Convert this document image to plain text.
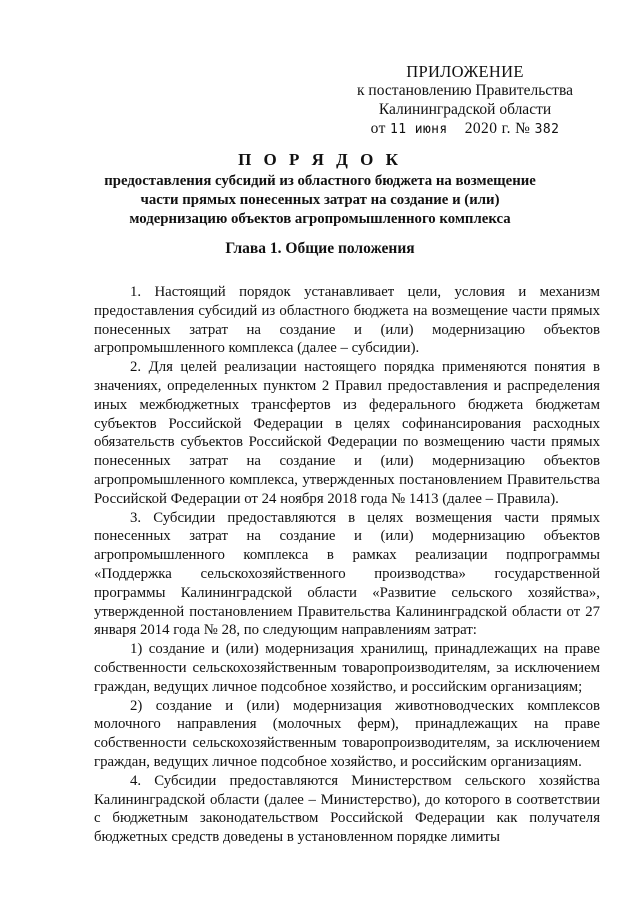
ПРИЛОЖЕНИЕ
к постановлению Правительства
Калининградской области
от 11 июня 2020 г. № 382
П О Р Я Д О К
предоставления субсидий из областного бюджета на возмещение части прямых понесенных затрат на создание и (или) модернизацию объектов агропромышленного комплекса
Глава 1. Общие положения

1. Настоящий порядок устанавливает цели, условия и механизм предоставления субсидий из областного бюджета на возмещение части прямых понесенных затрат на создание и (или) модернизацию объектов агропромышленного комплекса (далее – субсидии).

2. Для целей реализации настоящего порядка применяются понятия в значениях, определенных пунктом 2 Правил предоставления и распределения иных межбюджетных трансфертов из федерального бюджета бюджетам субъектов Российской Федерации в целях софинансирования расходных обязательств субъектов Российской Федерации по возмещению части прямых понесенных затрат на создание и (или) модернизацию объектов агропромышленного комплекса, утвержденных постановлением Правительства Российской Федерации от 24 ноября 2018 года № 1413 (далее – Правила).

3. Субсидии предоставляются в целях возмещения части прямых понесенных затрат на создание и (или) модернизацию объектов агропромышленного комплекса в рамках реализации подпрограммы «Поддержка сельскохозяйственного производства» государственной программы Калининградской области «Развитие сельского хозяйства», утвержденной постановлением Правительства Калининградской области от 27 января 2014 года № 28, по следующим направлениям затрат:

1) создание и (или) модернизация хранилищ, принадлежащих на праве собственности сельскохозяйственным товаропроизводителям, за исключением граждан, ведущих личное подсобное хозяйство, и российским организациям;

2) создание и (или) модернизация животноводческих комплексов молочного направления (молочных ферм), принадлежащих на праве собственности сельскохозяйственным товаропроизводителям, за исключением граждан, ведущих личное подсобное хозяйство, и российским организациям.

4. Субсидии предоставляются Министерством сельского хозяйства Калининградской области (далее – Министерство), до которого в соответствии с бюджетным законодательством Российской Федерации как получателя бюджетных средств доведены в установленном порядке лимиты
